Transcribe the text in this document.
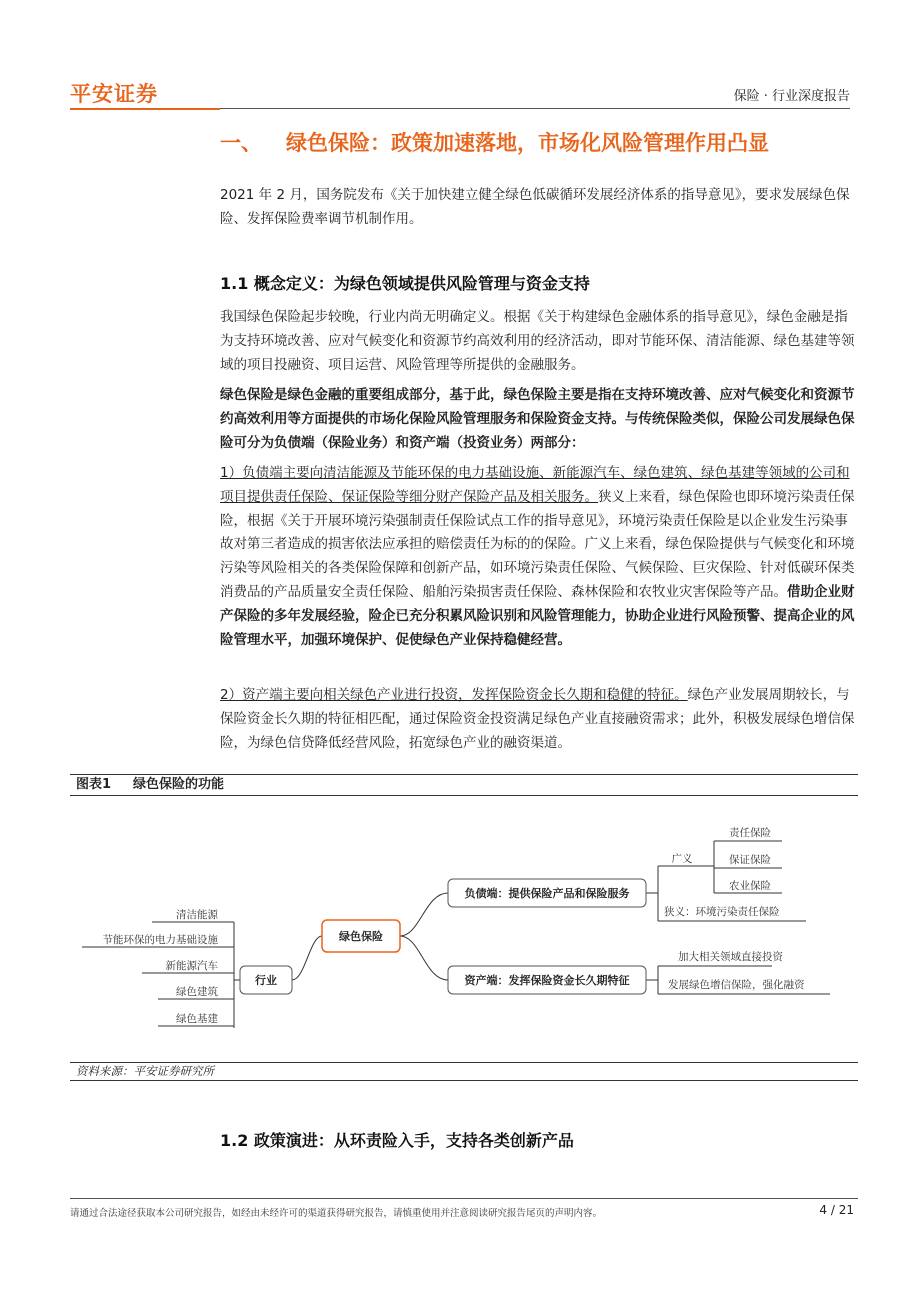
平安证券	保险 · 行业深度报告
一、 绿色保险：政策加速落地，市场化风险管理作用凸显

2021 年 2 月，国务院发布《关于加快建立健全绿色低碳循环发展经济体系的指导意见》，要求发展绿色保险、发挥保险费率调节机制作用。

1.1 概念定义：为绿色领域提供风险管理与资金支持

我国绿色保险起步较晚，行业内尚无明确定义。根据《关于构建绿色金融体系的指导意见》，绿色金融是指为支持环境改善、应对气候变化和资源节约高效利用的经济活动，即对节能环保、清洁能源、绿色基建等领域的项目投融资、项目运营、风险管理等所提供的金融服务。

绿色保险是绿色金融的重要组成部分，基于此，绿色保险主要是指在支持环境改善、应对气候变化和资源节约高效利用等方面提供的市场化保险风险管理服务和保险资金支持。与传统保险类似，保险公司发展绿色保险可分为负债端（保险业务）和资产端（投资业务）两部分：

1）负债端主要向清洁能源及节能环保的电力基础设施、新能源汽车、绿色建筑、绿色基建等领域的公司和项目提供责任保险、保证保险等细分财产保险产品及相关服务。狭义上来看，绿色保险也即环境污染责任保险，根据《关于开展环境污染强制责任保险试点工作的指导意见》，环境污染责任保险是以企业发生污染事故对第三者造成的损害依法应承担的赔偿责任为标的的保险。广义上来看，绿色保险提供与气候变化和环境污染等风险相关的各类保险保障和创新产品，如环境污染责任保险、气候保险、巨灾保险、针对低碳环保类消费品的产品质量安全责任保险、船舶污染损害责任保险、森林保险和农牧业灾害保险等产品。借助企业财产保险的多年发展经验，险企已充分积累风险识别和风险管理能力，协助企业进行风险预警、提高企业的风险管理水平，加强环境保护、促使绿色产业保持稳健经营。

2）资产端主要向相关绿色产业进行投资，发挥保险资金长久期和稳健的特征。绿色产业发展周期较长，与保险资金长久期的特征相匹配，通过保险资金投资满足绿色产业直接融资需求；此外，积极发展绿色增信保险，为绿色信贷降低经营风险，拓宽绿色产业的融资渠道。

图表1 绿色保险的功能
绿色保险
行业
负债端：提供保险产品和保险服务
资产端：发挥保险资金长久期特征
清洁能源
节能环保的电力基础设施
新能源汽车
绿色建筑
绿色基建
广义
责任保险
保证保险
农业保险
狭义：环境污染责任保险
加大相关领域直接投资
发展绿色增信保险，强化融资
资料来源：平安证券研究所
1.2 政策演进：从环责险入手，支持各类创新产品
请通过合法途径获取本公司研究报告，如经由未经许可的渠道获得研究报告，请慎重使用并注意阅读研究报告尾页的声明内容。	4 / 21
